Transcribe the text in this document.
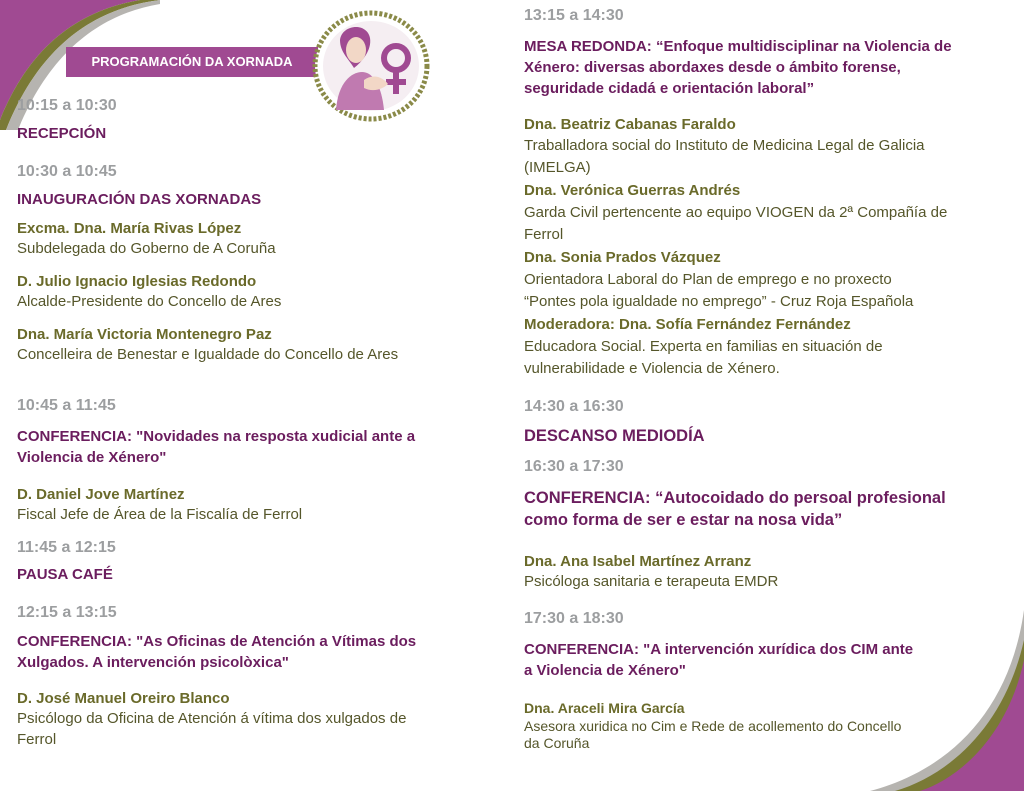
PROGRAMACIÓN DA XORNADA
10:15 a 10:30
RECEPCIÓN
10:30 a 10:45
INAUGURACIÓN DAS XORNADAS
Excma. Dna. María Rivas López
Subdelegada do Goberno de A Coruña
D. Julio Ignacio Iglesias Redondo
Alcalde-Presidente do Concello de Ares
Dna. María Victoria Montenegro Paz
Concelleira de Benestar e Igualdade do Concello de Ares
10:45 a 11:45
CONFERENCIA: "Novidades na resposta xudicial ante a
Violencia de Xénero"
D. Daniel Jove Martínez
Fiscal Jefe de Área de la Fiscalía de Ferrol
11:45 a 12:15
PAUSA CAFÉ
12:15 a 13:15
CONFERENCIA: "As Oficinas de Atención a Vítimas dos
Xulgados. A intervención psicolòxica"
D. José Manuel Oreiro Blanco
Psicólogo da Oficina de Atención á vítima dos xulgados de
Ferrol
13:15 a 14:30
MESA REDONDA: “Enfoque multidisciplinar na Violencia de
Xénero: diversas abordaxes desde o ámbito forense,
seguridade cidadá e orientación laboral”
Dna. Beatriz Cabanas Faraldo
Traballadora social do Instituto de Medicina Legal de Galicia
(IMELGA)
Dna. Verónica Guerras Andrés
Garda Civil pertencente ao equipo VIOGEN da 2ª Compañía de
Ferrol
Dna. Sonia Prados Vázquez
Orientadora Laboral do Plan de emprego e no proxecto
“Pontes pola igualdade no emprego” - Cruz Roja Española
Moderadora: Dna. Sofía Fernández Fernández
Educadora Social. Experta en familias en situación de
vulnerabilidade e Violencia de Xénero.
14:30 a 16:30
DESCANSO MEDIODÍA
16:30 a 17:30
CONFERENCIA: “Autocoidado do persoal profesional
como forma de ser e estar na nosa vida”
Dna. Ana Isabel Martínez Arranz
Psicóloga sanitaria e terapeuta EMDR
17:30 a 18:30
CONFERENCIA: "A intervención xurídica dos CIM ante
a Violencia de Xénero"
Dna. Araceli Mira García
Asesora xuridica no Cim e Rede de acollemento do Concello
da Coruña
